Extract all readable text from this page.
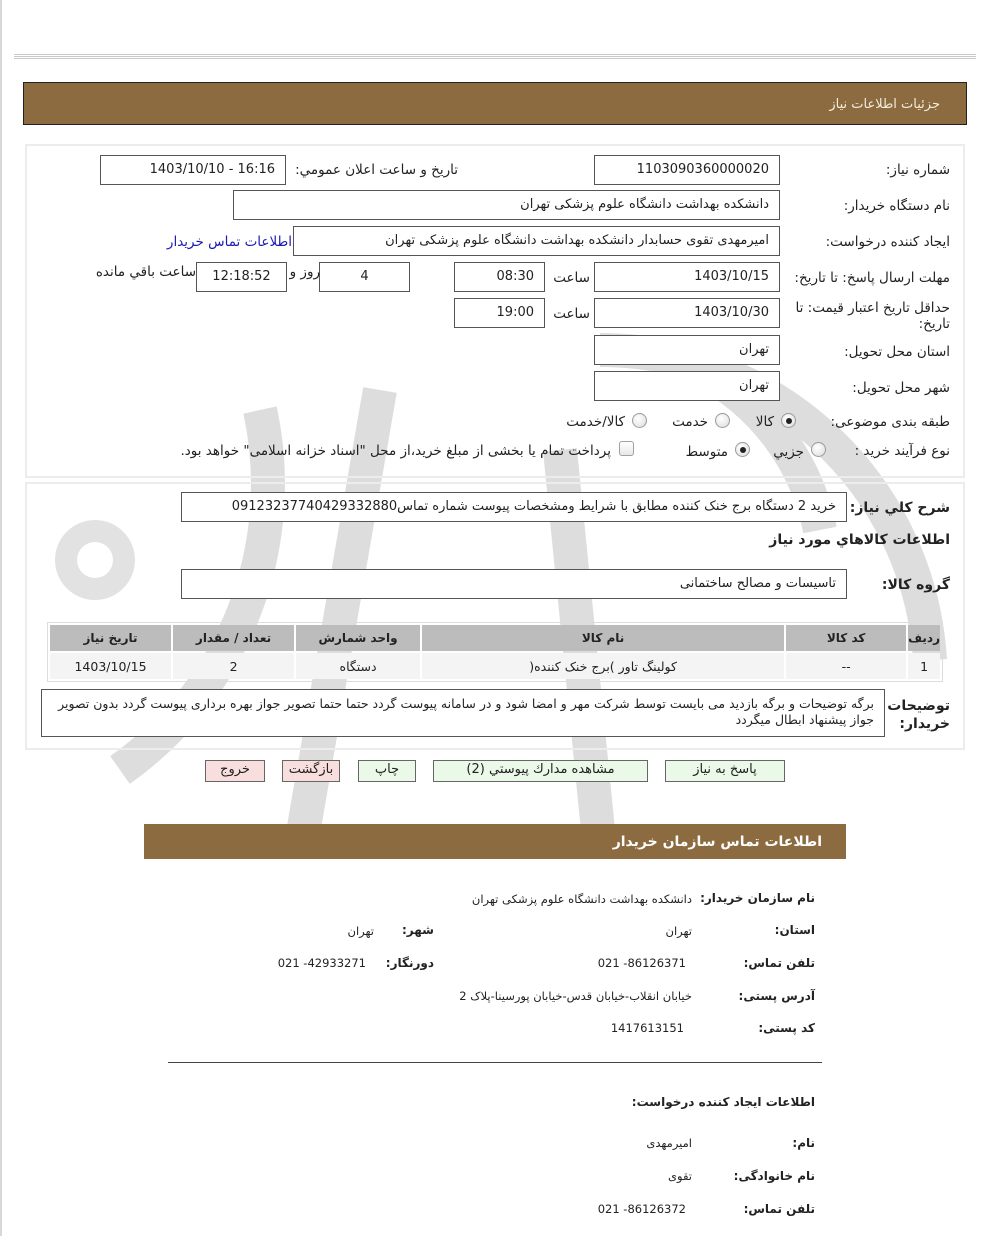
جزئيات اطلاعات نياز
شماره نیاز:
1103090360000020
تاريخ و ساعت اعلان عمومي:
1403/10/10 - 16:16
نام دستگاه خریدار:
دانشکده بهداشت دانشگاه علوم پزشکی تهران
ایجاد کننده درخواست:
امیرمهدی تقوی حسابدار دانشکده بهداشت دانشگاه علوم پزشکی تهران
اطلاعات تماس خریدار
مهلت ارسال پاسخ: تا تاریخ:
1403/10/15
ساعت
08:30
4
روز و
12:18:52
ساعت باقي مانده
حداقل تاریخ اعتبار قیمت: تا تاریخ:
1403/10/30
ساعت
19:00
استان محل تحویل:
تهران
شهر محل تحویل:
تهران
طبقه بندی موضوعی:
کالا
خدمت
کالا/خدمت
نوع فرآیند خرید :
جزيي
متوسط
پرداخت تمام یا بخشی از مبلغ خرید،از محل "اسناد خزانه اسلامی" خواهد بود.
شرح کلي نياز:
خرید 2 دستگاه برج خنک کننده مطابق با شرایط ومشخصات پیوست شماره تماس09123237740429332880
اطلاعات کالاهاي مورد نياز
گروه کالا:
تاسیسات و مصالح ساختمانی
رديف	کد کالا	نام کالا	واحد شمارش	تعداد / مقدار	تاريخ نياز
1	--	کولینگ تاور )برج خنک کننده(	دستگاه	2	1403/10/15
توضيحات خريدار:
برگه توضیحات و برگه بازدید می بایست توسط شرکت مهر و امضا شود و در سامانه پیوست گردد حتما حتما تصویر جواز بهره برداری پیوست گردد بدون تصویر جواز پیشنهاد ابطال میگردد
پاسخ به نیاز
مشاهده مدارك پيوستي (2)
چاپ
بازگشت
خروج
اطلاعات تماس سازمان خریدار
نام سازمان خریدار:
دانشکده بهداشت دانشگاه علوم پزشکی تهران
استان:
تهران
شهر:
تهران
تلفن تماس:
021 -86126371
دورنگار:
021 -42933271
آدرس پستی:
خیابان انقلاب-خیابان قدس-خیابان پورسینا-پلاک 2
کد پستی:
1417613151
اطلاعات ایجاد کننده درخواست:
نام:
امیرمهدی
نام خانوادگی:
تقوی
تلفن تماس:
021 -86126372
